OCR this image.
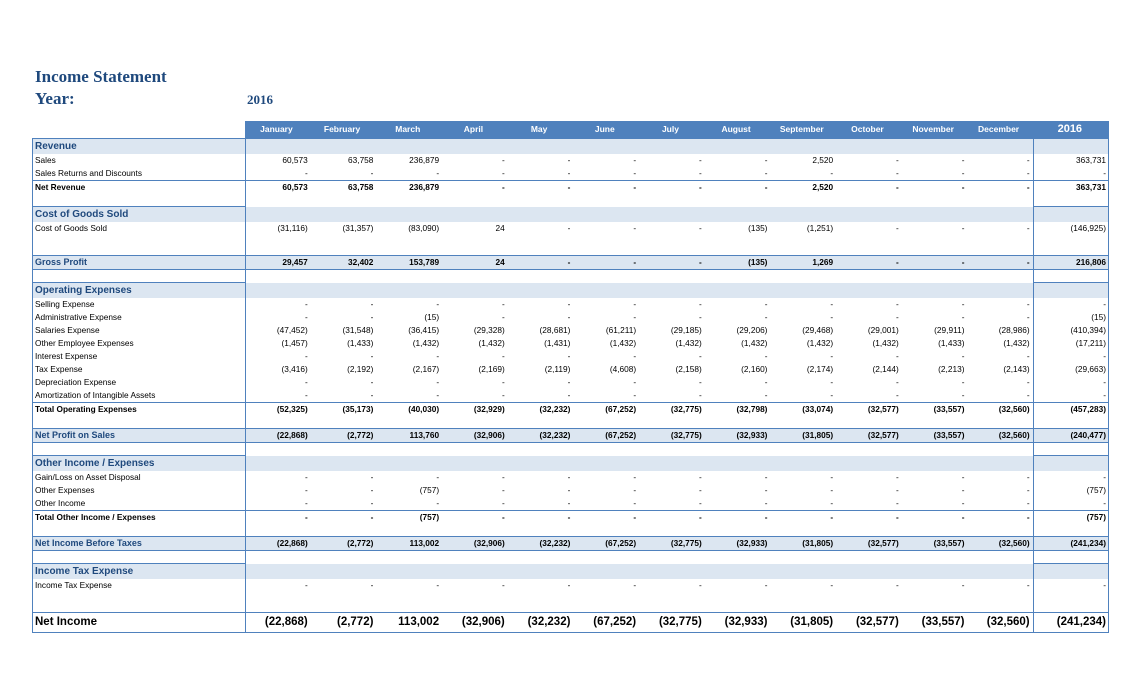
Income Statement
Year:	2016
	January	February	March	April	May	June	July	August	September	October	November	December	2016
Revenue													
Sales	60,573	63,758	236,879	-	-	-	-	-	2,520	-	-	-	363,731
Sales Returns and Discounts	-	-	-	-	-	-	-	-	-	-	-	-	-
Net Revenue	60,573	63,758	236,879	-	-	-	-	-	2,520	-	-	-	363,731

Cost of Goods Sold													
Cost of Goods Sold	(31,116)	(31,357)	(83,090)	24	-	-	-	(135)	(1,251)	-	-	-	(146,925)

Gross Profit	29,457	32,402	153,789	24	-	-	-	(135)	1,269	-	-	-	216,806

Operating Expenses													
Selling Expense	-	-	-	-	-	-	-	-	-	-	-	-	-
Administrative Expense	-	-	(15)	-	-	-	-	-	-	-	-	-	(15)
Salaries Expense	(47,452)	(31,548)	(36,415)	(29,328)	(28,681)	(61,211)	(29,185)	(29,206)	(29,468)	(29,001)	(29,911)	(28,986)	(410,394)
Other Employee Expenses	(1,457)	(1,433)	(1,432)	(1,432)	(1,431)	(1,432)	(1,432)	(1,432)	(1,432)	(1,432)	(1,433)	(1,432)	(17,211)
Interest Expense	-	-	-	-	-	-	-	-	-	-	-	-	-
Tax Expense	(3,416)	(2,192)	(2,167)	(2,169)	(2,119)	(4,608)	(2,158)	(2,160)	(2,174)	(2,144)	(2,213)	(2,143)	(29,663)
Depreciation Expense	-	-	-	-	-	-	-	-	-	-	-	-	-
Amortization of Intangible Assets	-	-	-	-	-	-	-	-	-	-	-	-	-
Total Operating Expenses	(52,325)	(35,173)	(40,030)	(32,929)	(32,232)	(67,252)	(32,775)	(32,798)	(33,074)	(32,577)	(33,557)	(32,560)	(457,283)

Net Profit on Sales	(22,868)	(2,772)	113,760	(32,906)	(32,232)	(67,252)	(32,775)	(32,933)	(31,805)	(32,577)	(33,557)	(32,560)	(240,477)

Other Income / Expenses													
Gain/Loss on Asset Disposal	-	-	-	-	-	-	-	-	-	-	-	-	-
Other Expenses	-	-	(757)	-	-	-	-	-	-	-	-	-	(757)
Other Income	-	-	-	-	-	-	-	-	-	-	-	-	-
Total Other Income / Expenses	-	-	(757)	-	-	-	-	-	-	-	-	-	(757)

Net Income Before Taxes	(22,868)	(2,772)	113,002	(32,906)	(32,232)	(67,252)	(32,775)	(32,933)	(31,805)	(32,577)	(33,557)	(32,560)	(241,234)

Income Tax Expense													
Income Tax Expense	-	-	-	-	-	-	-	-	-	-	-	-	-

Net Income	(22,868)	(2,772)	113,002	(32,906)	(32,232)	(67,252)	(32,775)	(32,933)	(31,805)	(32,577)	(33,557)	(32,560)	(241,234)
